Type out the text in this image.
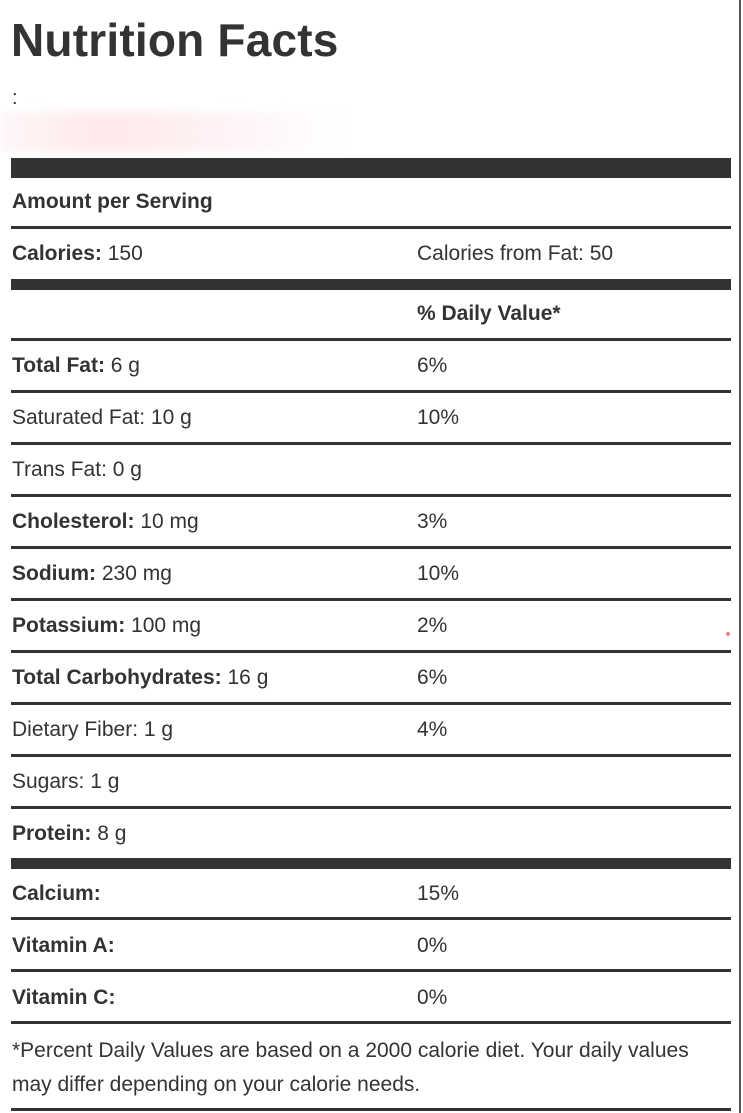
Nutrition Facts
:
Amount per Serving
Calories: 150	Calories from Fat: 50
% Daily Value*
Total Fat: 6 g	6%
Saturated Fat: 10 g	10%
Trans Fat: 0 g
Cholesterol: 10 mg	3%
Sodium: 230 mg	10%
Potassium: 100 mg	2%
Total Carbohydrates: 16 g	6%
Dietary Fiber: 1 g	4%
Sugars: 1 g
Protein: 8 g
Calcium:	15%
Vitamin A:	0%
Vitamin C:	0%
*Percent Daily Values are based on a 2000 calorie diet. Your daily values may differ depending on your calorie needs.
